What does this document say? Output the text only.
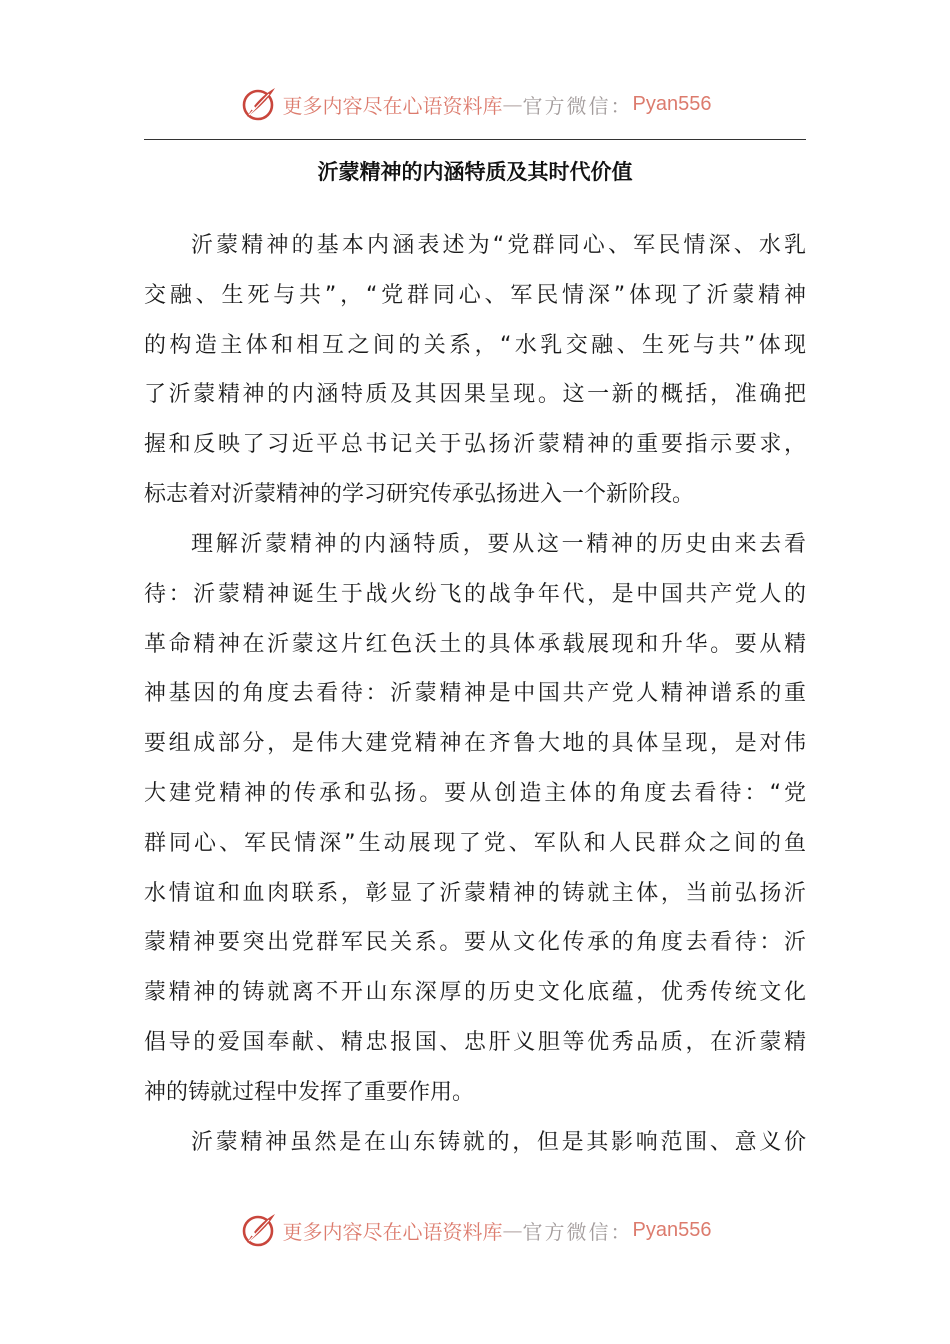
更多内容尽在心语资料库 — 官方微信： Pyan556
沂蒙精神的内涵特质及其时代价值
沂蒙精神的基本内涵表述为“党群同心、军民情深、水乳
交融、生死与共”，“党群同心、军民情深”体现了沂蒙精神
的构造主体和相互之间的关系，“水乳交融、生死与共”体现
了沂蒙精神的内涵特质及其因果呈现。这一新的概括，准确把
握和反映了习近平总书记关于弘扬沂蒙精神的重要指示要求，
标志着对沂蒙精神的学习研究传承弘扬进入一个新阶段。
理解沂蒙精神的内涵特质，要从这一精神的历史由来去看
待：沂蒙精神诞生于战火纷飞的战争年代，是中国共产党人的
革命精神在沂蒙这片红色沃土的具体承载展现和升华。要从精
神基因的角度去看待：沂蒙精神是中国共产党人精神谱系的重
要组成部分，是伟大建党精神在齐鲁大地的具体呈现，是对伟
大建党精神的传承和弘扬。要从创造主体的角度去看待：“党
群同心、军民情深”生动展现了党、军队和人民群众之间的鱼
水情谊和血肉联系，彰显了沂蒙精神的铸就主体，当前弘扬沂
蒙精神要突出党群军民关系。要从文化传承的角度去看待：沂
蒙精神的铸就离不开山东深厚的历史文化底蕴，优秀传统文化
倡导的爱国奉献、精忠报国、忠肝义胆等优秀品质，在沂蒙精
神的铸就过程中发挥了重要作用。
沂蒙精神虽然是在山东铸就的，但是其影响范围、意义价
更多内容尽在心语资料库 — 官方微信： Pyan556
